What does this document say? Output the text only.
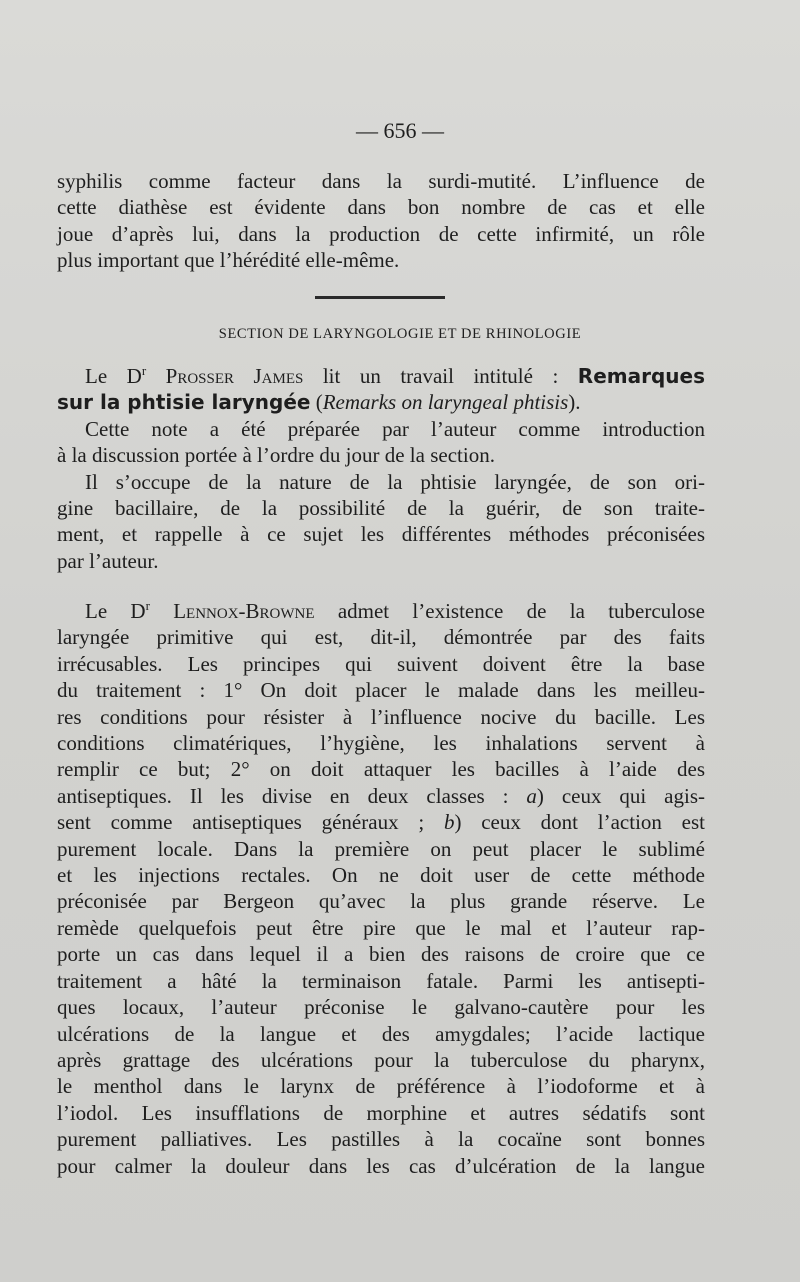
— 656 —

syphilis comme facteur dans la surdi-mutité. L’influence de

cette diathèse est évidente dans bon nombre de cas et elle

joue d’après lui, dans la production de cette infirmité, un rôle

plus important que l’hérédité elle-même.

SECTION DE LARYNGOLOGIE ET DE RHINOLOGIE

Le $D^r$ Prosser James lit un travail intitulé : Remarques

sur la phtisie laryngée (Remarks on laryngeal phtisis).

Cette note a été préparée par l’auteur comme introduction

à la discussion portée à l’ordre du jour de la section.

Il s’occupe de la nature de la phtisie laryngée, de son ori-

gine bacillaire, de la possibilité de la guérir, de son traite-

ment, et rappelle à ce sujet les différentes méthodes préconisées

par l’auteur.

Le $D^r$ Lennox-Browne admet l’existence de la tuberculose

laryngée primitive qui est, dit-il, démontrée par des faits

irrécusables. Les principes qui suivent doivent être la base

du traitement : 1° On doit placer le malade dans les meilleu-

res conditions pour résister à l’influence nocive du bacille. Les

conditions climatériques, l’hygiène, les inhalations servent à

remplir ce but; 2° on doit attaquer les bacilles à l’aide des

antiseptiques. Il les divise en deux classes : a) ceux qui agis-

sent comme antiseptiques généraux ; b) ceux dont l’action est

purement locale. Dans la première on peut placer le sublimé

et les injections rectales. On ne doit user de cette méthode

préconisée par Bergeon qu’avec la plus grande réserve. Le

remède quelquefois peut être pire que le mal et l’auteur rap-

porte un cas dans lequel il a bien des raisons de croire que ce

traitement a hâté la terminaison fatale. Parmi les antisepti-

ques locaux, l’auteur préconise le galvano-cautère pour les

ulcérations de la langue et des amygdales; l’acide lactique

après grattage des ulcérations pour la tuberculose du pharynx,

le menthol dans le larynx de préférence à l’iodoforme et à

l’iodol. Les insufflations de morphine et autres sédatifs sont

purement palliatives. Les pastilles à la cocaïne sont bonnes

pour calmer la douleur dans les cas d’ulcération de la langue
